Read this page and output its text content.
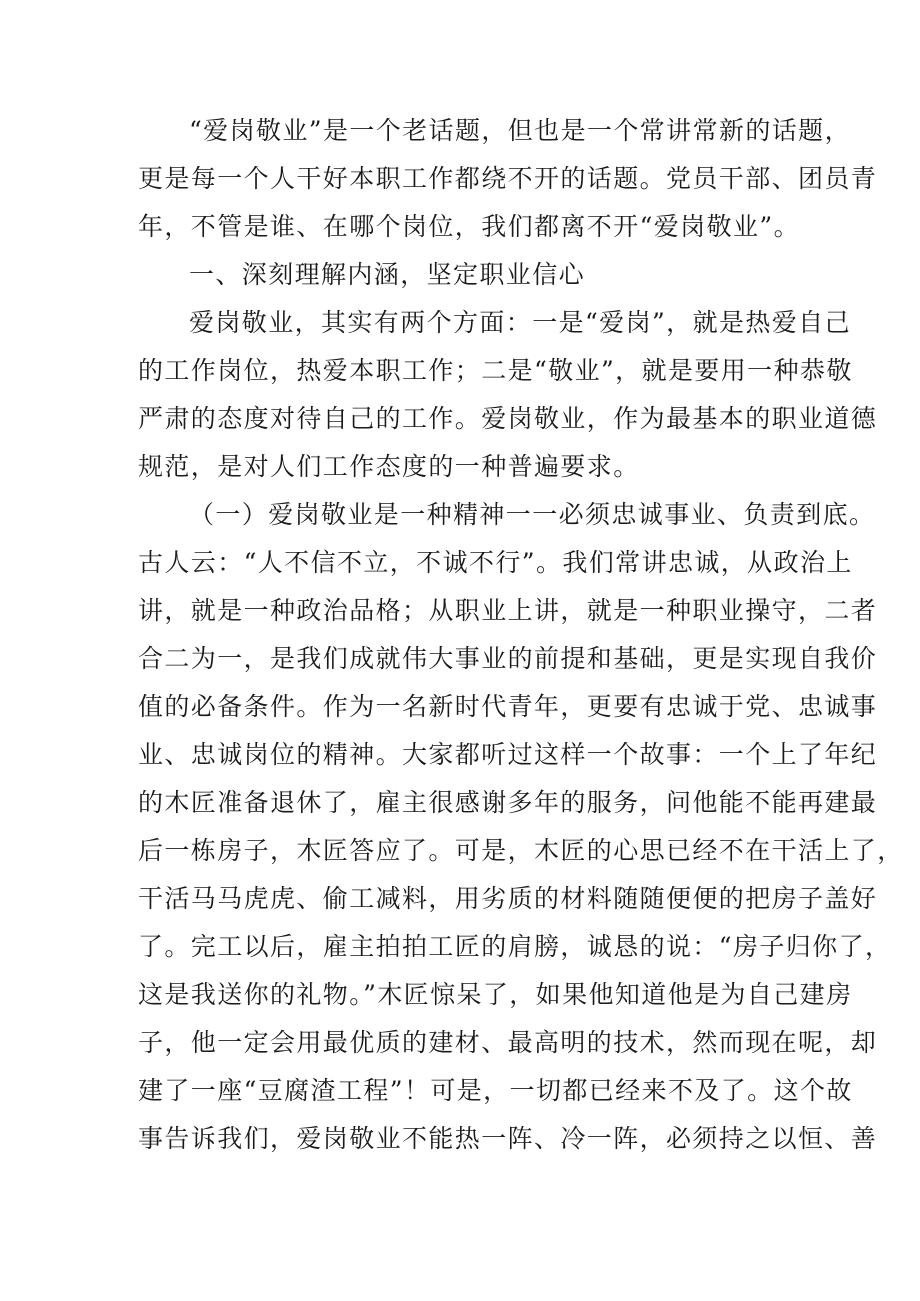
“爱岗敬业”是一个老话题，但也是一个常讲常新的话题，
更是每一个人干好本职工作都绕不开的话题。党员干部、团员青
年，不管是谁、在哪个岗位，我们都离不开“爱岗敬业”。
一、深刻理解内涵，坚定职业信心
爱岗敬业，其实有两个方面：一是“爱岗”，就是热爱自己
的工作岗位，热爱本职工作；二是“敬业”，就是要用一种恭敬
严肃的态度对待自己的工作。爱岗敬业，作为最基本的职业道德
规范，是对人们工作态度的一种普遍要求。
（一）爱岗敬业是一种精神一一必须忠诚事业、负责到底。
古人云：“人不信不立，不诚不行”。我们常讲忠诚，从政治上
讲，就是一种政治品格；从职业上讲，就是一种职业操守，二者
合二为一，是我们成就伟大事业的前提和基础，更是实现自我价
值的必备条件。作为一名新时代青年，更要有忠诚于党、忠诚事
业、忠诚岗位的精神。大家都听过这样一个故事：一个上了年纪
的木匠准备退休了，雇主很感谢多年的服务，问他能不能再建最
后一栋房子，木匠答应了。可是，木匠的心思已经不在干活上了，
干活马马虎虎、偷工减料，用劣质的材料随随便便的把房子盖好
了。完工以后，雇主拍拍工匠的肩膀，诚恳的说：“房子归你了，
这是我送你的礼物。”木匠惊呆了，如果他知道他是为自己建房
子，他一定会用最优质的建材、最高明的技术，然而现在呢，却
建了一座“豆腐渣工程”！可是，一切都已经来不及了。这个故
事告诉我们，爱岗敬业不能热一阵、冷一阵，必须持之以恒、善
